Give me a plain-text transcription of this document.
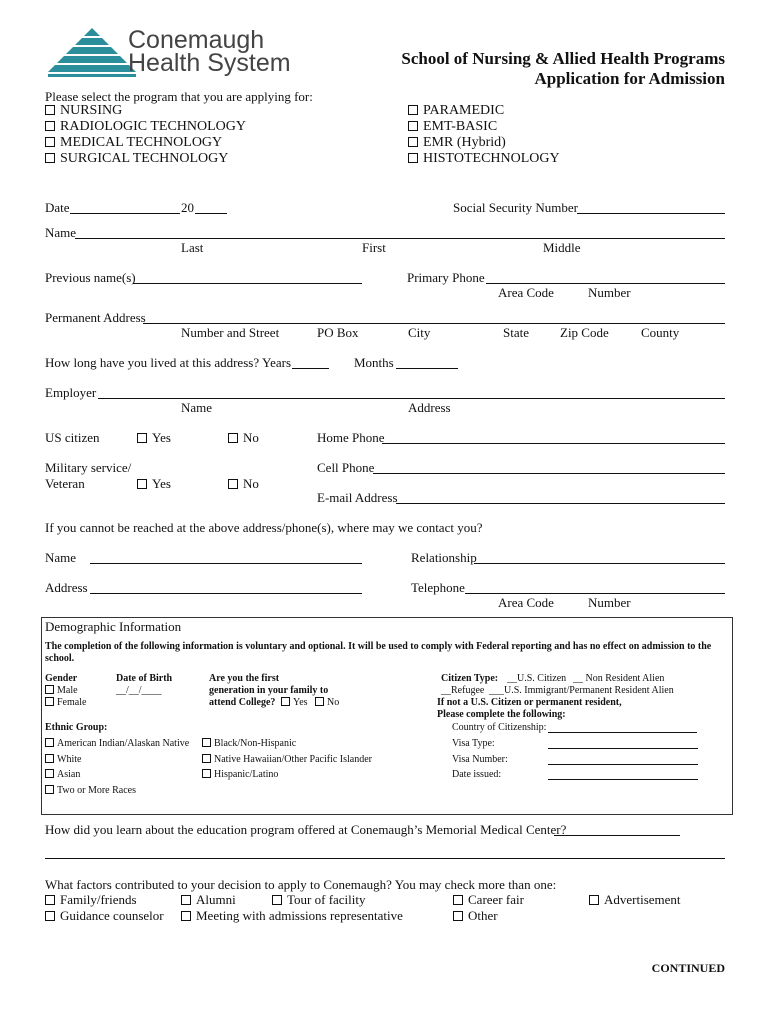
Conemaugh
Health System	School of Nursing & Allied Health Programs
Application for Admission
Please select the program that you are applying for:
NURSING
RADIOLOGIC TECHNOLOGY
MEDICAL TECHNOLOGY
SURGICAL TECHNOLOGY
PARAMEDIC
EMT-BASIC
EMR (Hybrid)
HISTOTECHNOLOGY
Date	20	Social Security Number
Name
Last	First	Middle
Previous name(s)	Primary Phone
Area Code	Number
Permanent Address
Number and Street	PO Box	City	State Zip Code County
How long have you lived at this address? Years	Months
Employer
Name	Address
US citizen	Yes	No	Home Phone
Military service/
Veteran	Yes	No
Cell Phone
E-mail Address
If you cannot be reached at the above address/phone(s), where may we contact you?
Name	Relationship
Address	Telephone
Area Code	Number
Demographic Information
The completion of the following information is voluntary and optional. It will be used to comply with Federal reporting and has no effect on admission to the school.
Gender
Male
Female
Date of Birth
__/__/____
Are you the first
generation in your family to
attend College?	Yes	No
Citizen Type: __U.S. Citizen __ Non Resident Alien
__Refugee ___U.S. Immigrant/Permanent Resident Alien
If not a U.S. Citizen or permanent resident,
Please complete the following:
Country of Citizenship:
Visa Type:
Visa Number:
Date issued:
Ethnic Group:
American Indian/Alaskan Native
White
Asian
Two or More Races
Black/Non-Hispanic
Native Hawaiian/Other Pacific Islander
Hispanic/Latino
How did you learn about the education program offered at Conemaugh’s Memorial Medical Center?
What factors contributed to your decision to apply to Conemaugh? You may check more than one:
Family/friends	Alumni	Tour of facility	Career fair	Advertisement
Guidance counselor	Meeting with admissions representative	Other
CONTINUED
